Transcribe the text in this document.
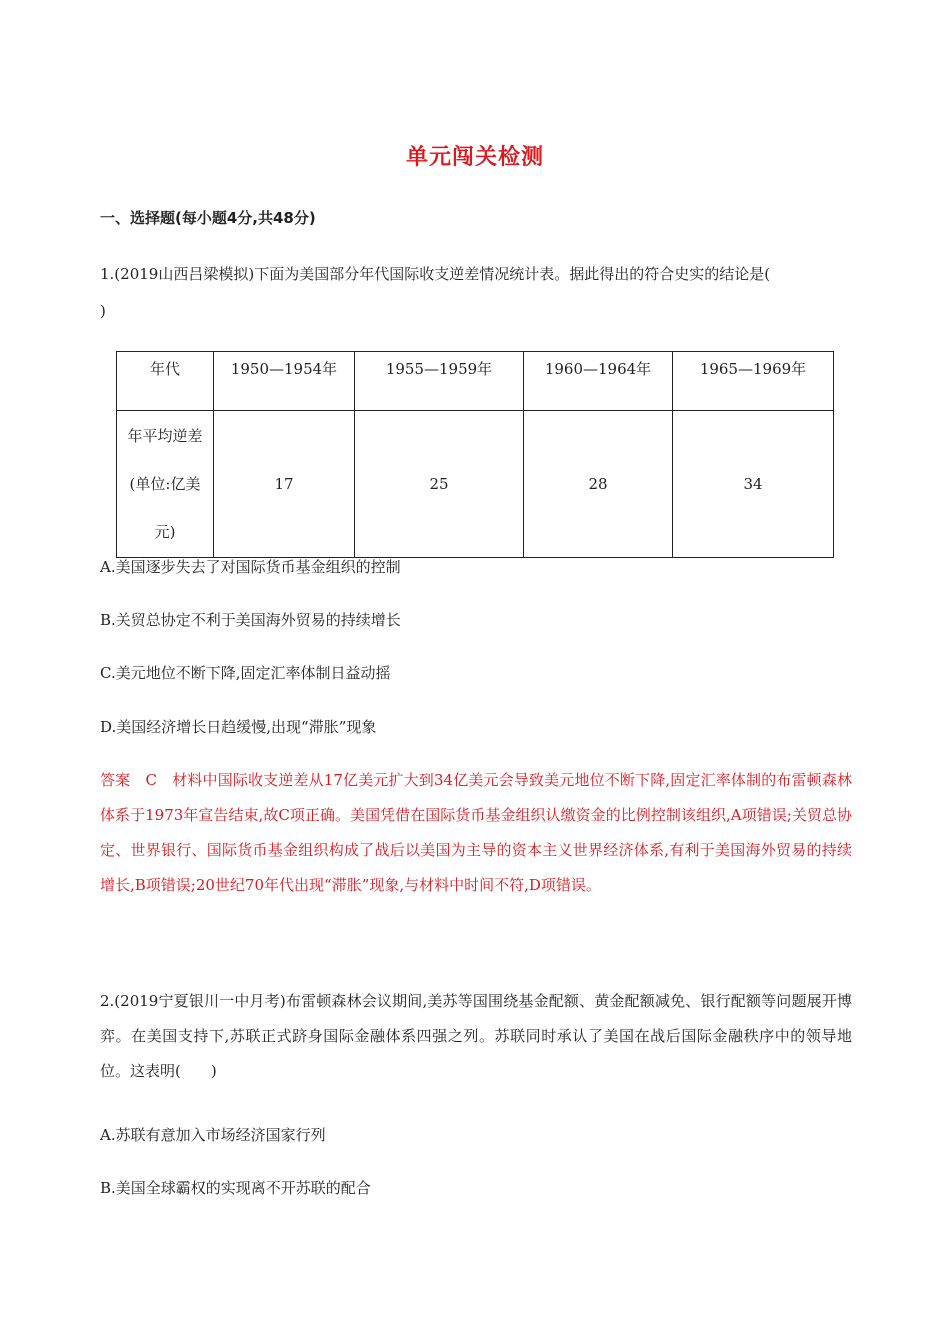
单元闯关检测
一、选择题(每小题4分,共48分)
1.(2019山西吕梁模拟)下面为美国部分年代国际收支逆差情况统计表。据此得出的符合史实的结论是(
)
年代	1950—1954年	1955—1959年	1960—1964年	1965—1969年

年平均逆差
(单位:亿美
元)	17	25	28	34
A.美国逐步失去了对国际货币基金组织的控制
B.关贸总协定不利于美国海外贸易的持续增长
C.美元地位不断下降,固定汇率体制日益动摇
D.美国经济增长日趋缓慢,出现“滞胀”现象
答案　C　材料中国际收支逆差从17亿美元扩大到34亿美元会导致美元地位不断下降,固定汇率体制的布雷顿森林体系于1973年宣告结束,故C项正确。美国凭借在国际货币基金组织认缴资金的比例控制该组织,A项错误;关贸总协定、世界银行、国际货币基金组织构成了战后以美国为主导的资本主义世界经济体系,有利于美国海外贸易的持续增长,B项错误;20世纪70年代出现“滞胀”现象,与材料中时间不符,D项错误。
2.(2019宁夏银川一中月考)布雷顿森林会议期间,美苏等国围绕基金配额、黄金配额减免、银行配额等问题展开博弈。在美国支持下,苏联正式跻身国际金融体系四强之列。苏联同时承认了美国在战后国际金融秩序中的领导地位。这表明(　　)
A.苏联有意加入市场经济国家行列
B.美国全球霸权的实现离不开苏联的配合
